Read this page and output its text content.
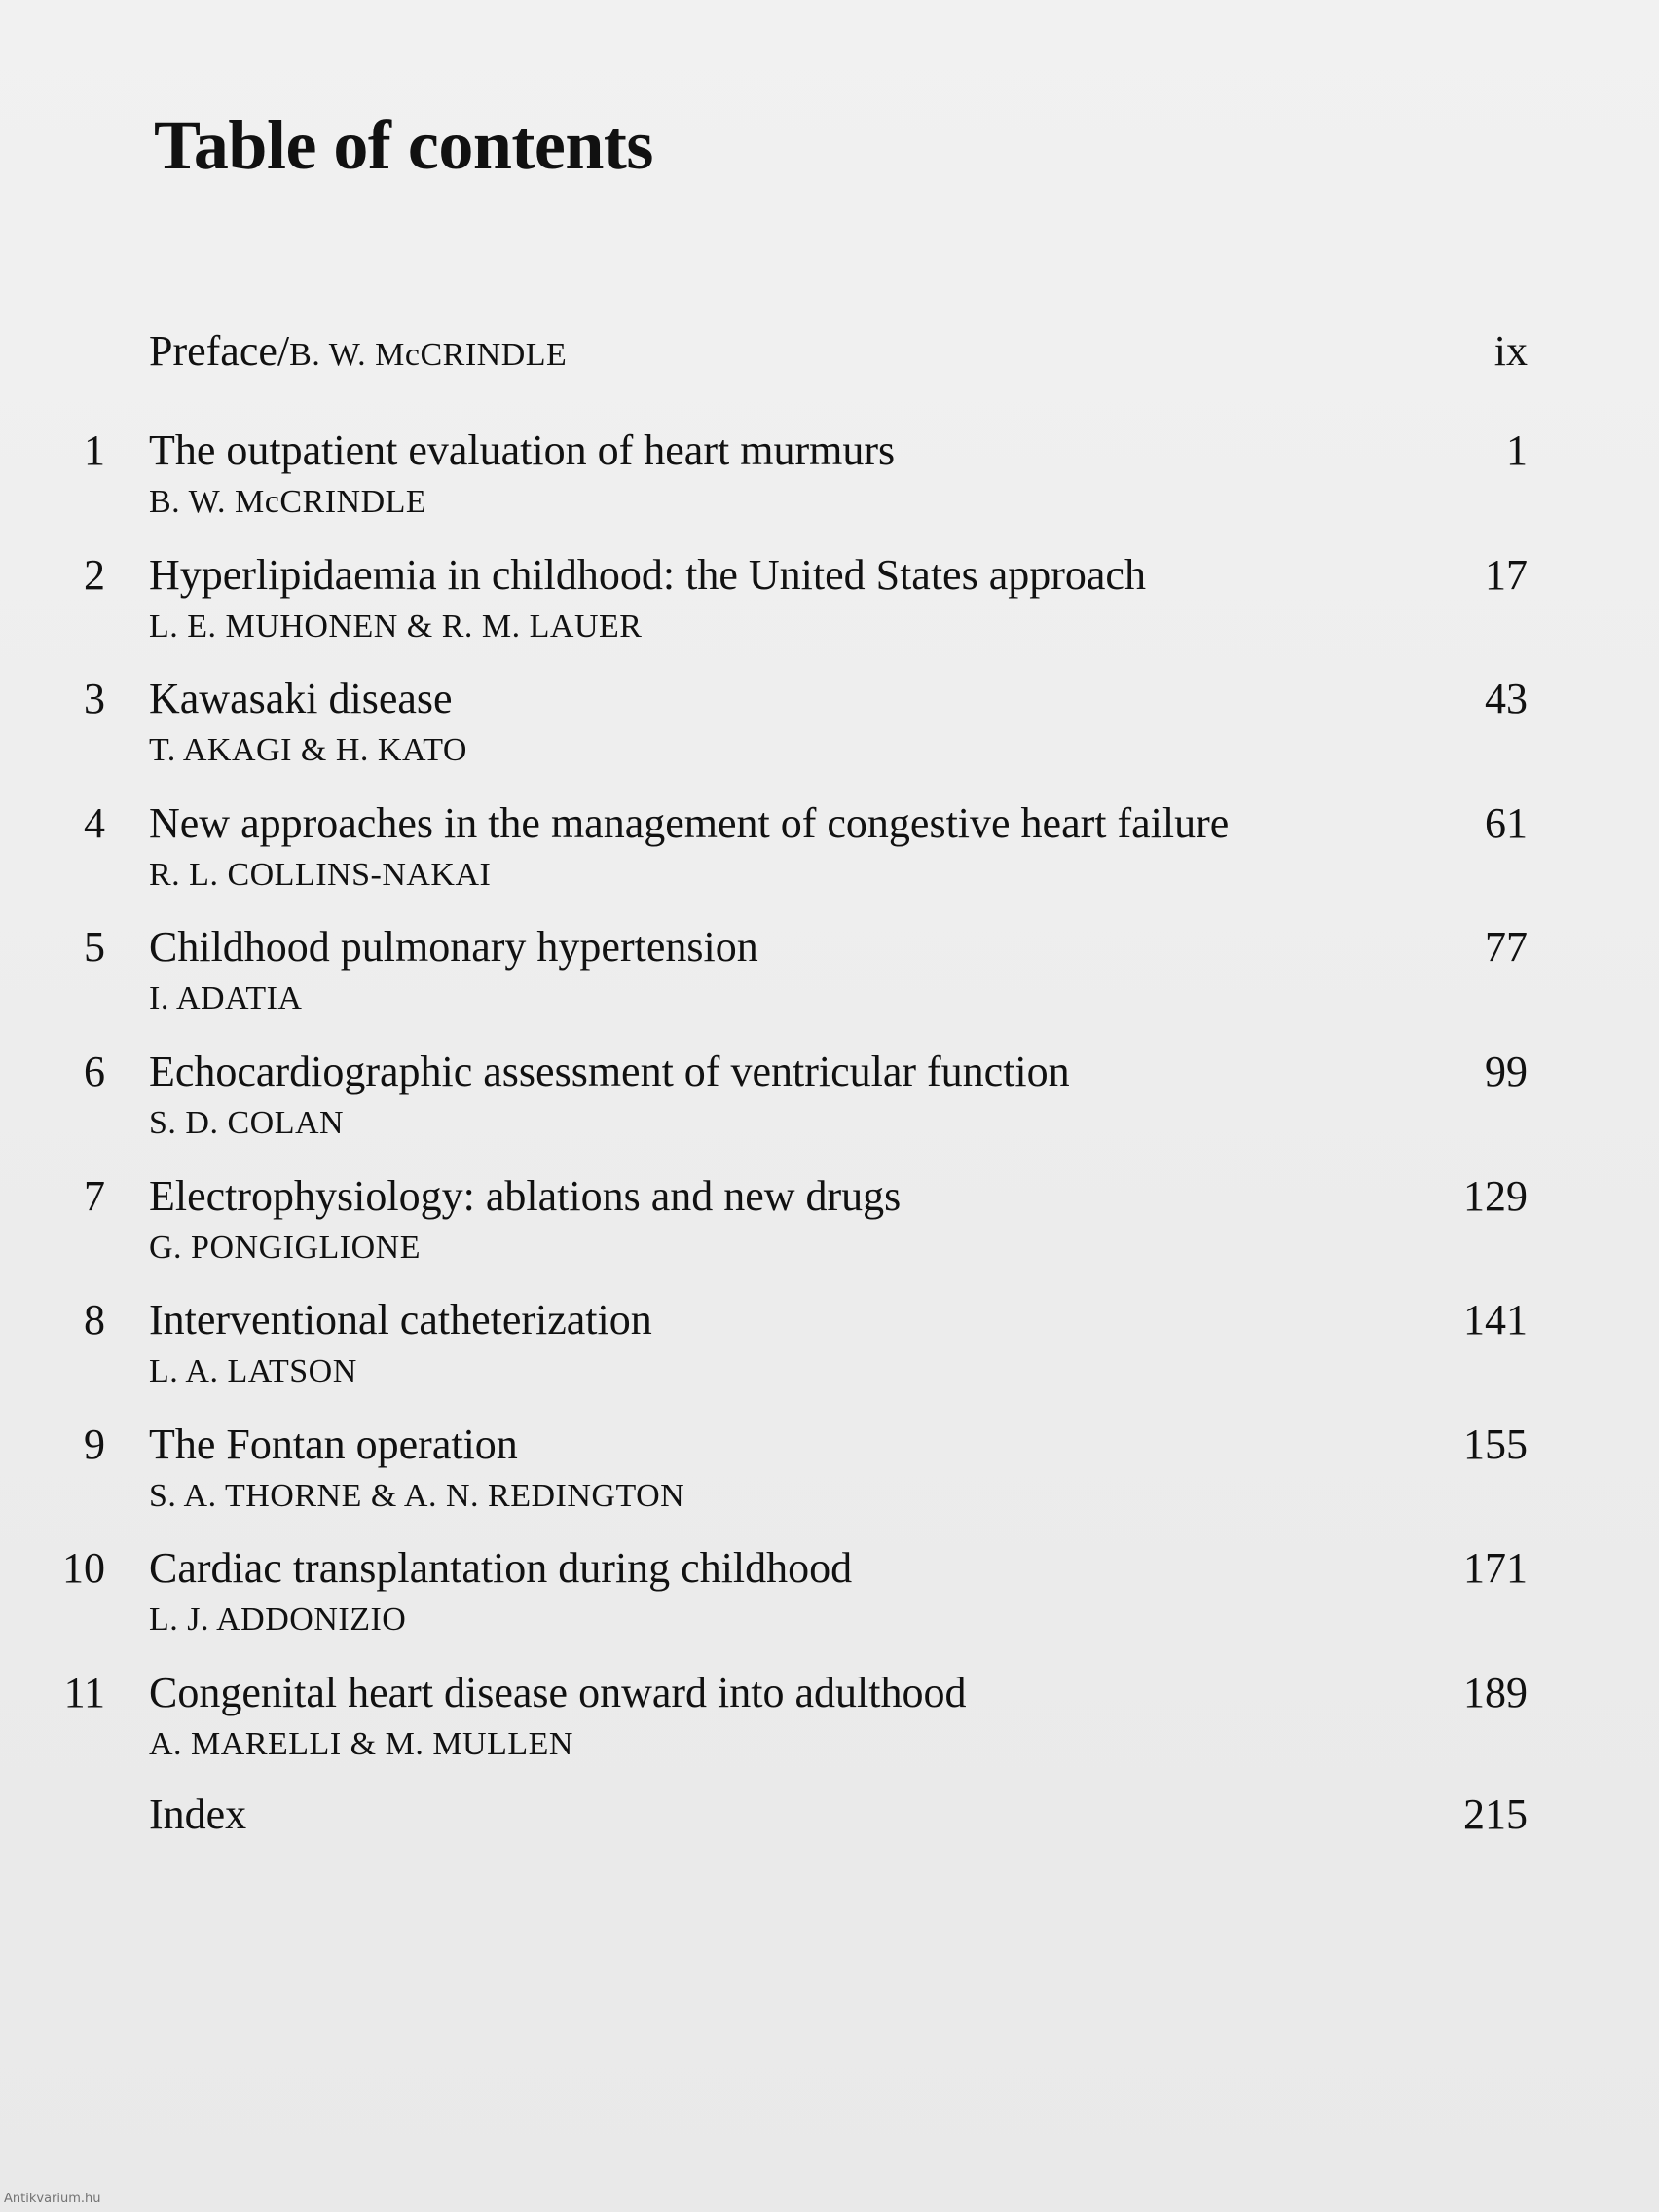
Table of contents
Preface/B. W. McCRINDLE	ix
1 The outpatient evaluation of heart murmurs	1
B. W. McCRINDLE
2 Hyperlipidaemia in childhood: the United States approach	17
L. E. MUHONEN & R. M. LAUER
3 Kawasaki disease	43
T. AKAGI & H. KATO
4 New approaches in the management of congestive heart failure	61
R. L. COLLINS-NAKAI
5 Childhood pulmonary hypertension	77
I. ADATIA
6 Echocardiographic assessment of ventricular function	99
S. D. COLAN
7 Electrophysiology: ablations and new drugs	129
G. PONGIGLIONE
8 Interventional catheterization	141
L. A. LATSON
9 The Fontan operation	155
S. A. THORNE & A. N. REDINGTON
10 Cardiac transplantation during childhood	171
L. J. ADDONIZIO
11 Congenital heart disease onward into adulthood	189
A. MARELLI & M. MULLEN
Index	215
Antikvarium.hu
